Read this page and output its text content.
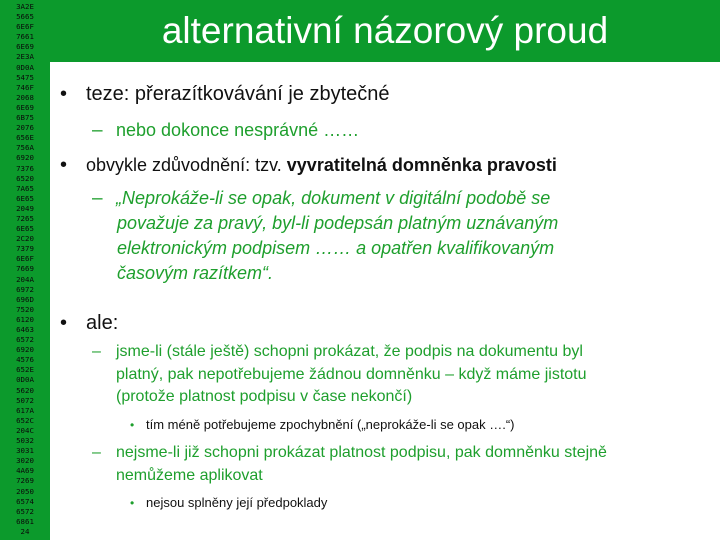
3A2E
5665
6E6F
7661
6E69
2E3A
0D0A
5475
746F
2068
6E69
6B75
2076
656E
756A
6920
7376
6520
7A65
6E65
2049
7265
6E65
2C20
7379
6E6F
7669
204A
6972
696D
7520
6120
6463
6572
6920
4576
652E
0D0A
5620
5072
617A
652C
204C
5032
3031
3020
4A69
7269
2050
6574
6572
6861
24
alternativní názorový proud
• teze: přerazítkovávání je zbytečné
– nebo dokonce nesprávné ……
• obvykle zdůvodnění: tzv. vyvratitelná domněnka pravosti
– „Neprokáže-li se opak, dokument v digitální podobě se
považuje za pravý, byl-li podepsán platným uznávaným
elektronickým podpisem …… a opatřen kvalifikovaným
časovým razítkem“.
• ale:
– jsme-li (stále ještě) schopni prokázat, že podpis na dokumentu byl
platný, pak nepotřebujeme žádnou domněnku – když máme jistotu
(protože platnost podpisu v čase nekončí)
• tím méně potřebujeme zpochybnění („neprokáže-li se opak ….“)
– nejsme-li již schopni prokázat platnost podpisu, pak domněnku stejně
nemůžeme aplikovat
• nejsou splněny její předpoklady
